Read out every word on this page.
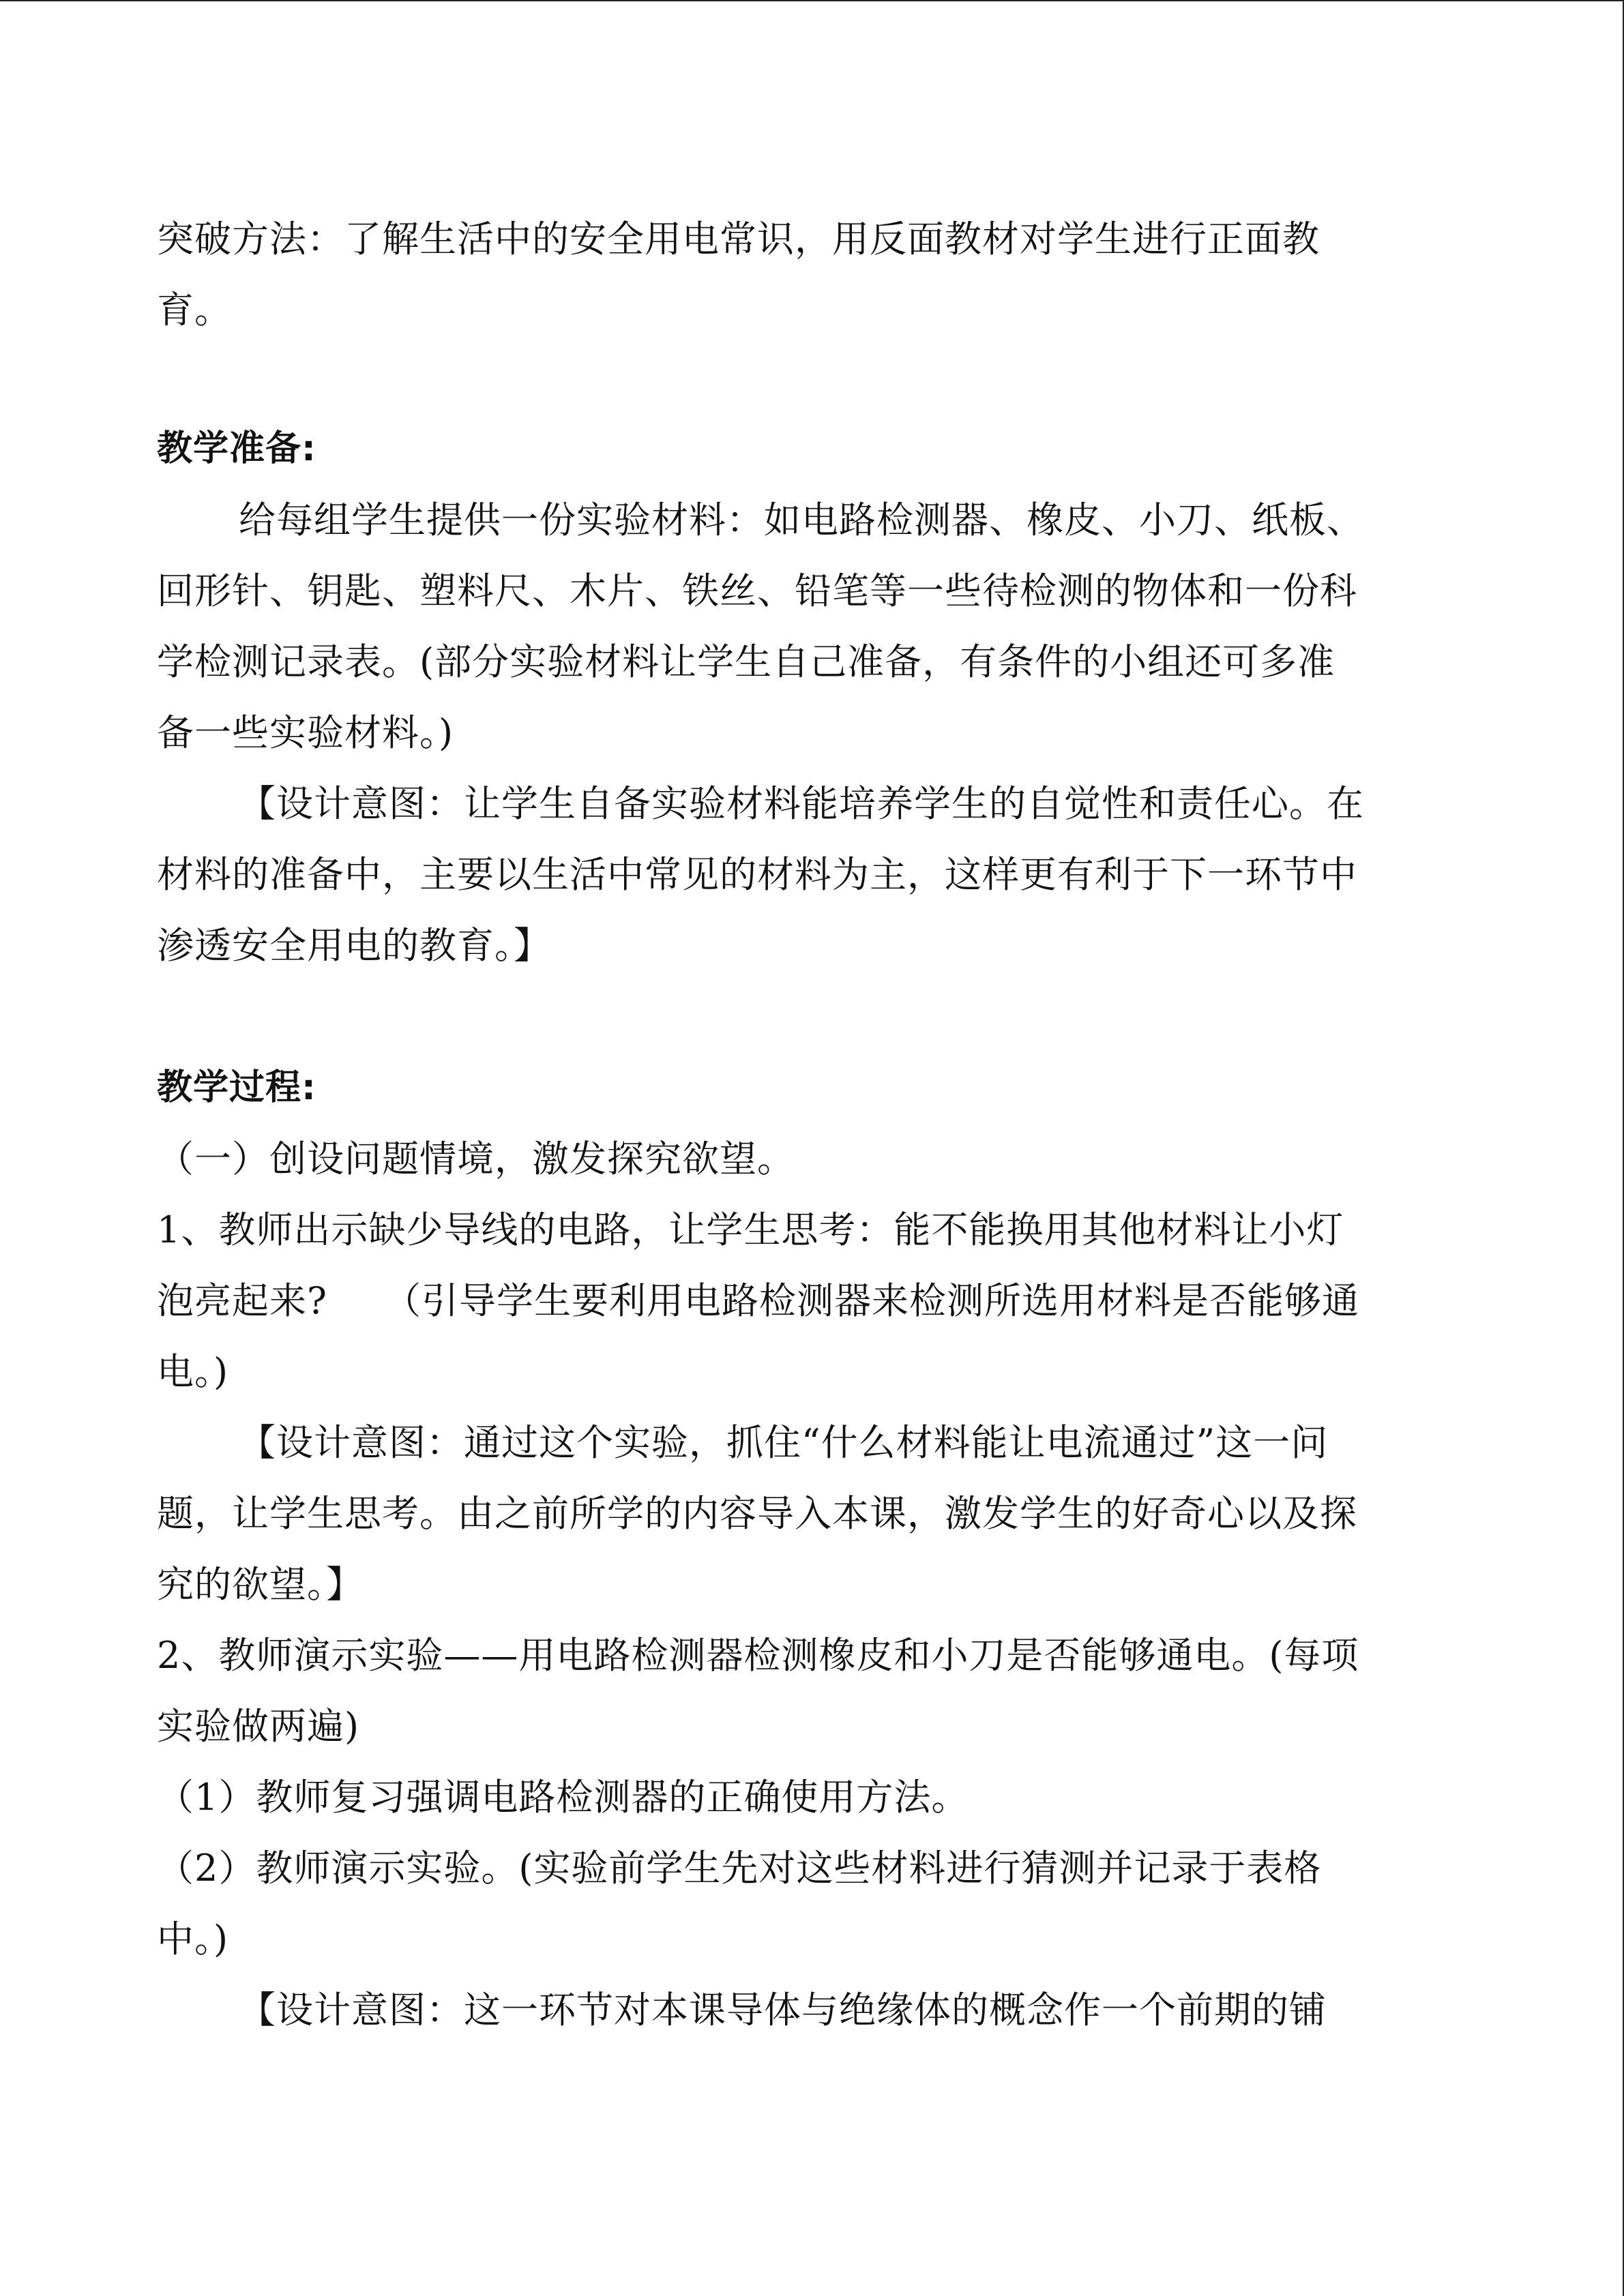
突破方法：了解生活中的安全用电常识，用反面教材对学生进行正面教
育。
教学准备:
给每组学生提供一份实验材料：如电路检测器、橡皮、小刀、纸板、
回形针、钥匙、塑料尺、木片、铁丝、铅笔等一些待检测的物体和一份科
学检测记录表。(部分实验材料让学生自己准备，有条件的小组还可多准
备一些实验材料。)
【设计意图：让学生自备实验材料能培养学生的自觉性和责任心。在
材料的准备中，主要以生活中常见的材料为主，这样更有利于下一环节中
渗透安全用电的教育。】
教学过程:
（一）创设问题情境，激发探究欲望。
1、教师出示缺少导线的电路，让学生思考：能不能换用其他材料让小灯
泡亮起来?　　（引导学生要利用电路检测器来检测所选用材料是否能够通
电。)
【设计意图：通过这个实验，抓住“什么材料能让电流通过”这一问
题，让学生思考。由之前所学的内容导入本课，激发学生的好奇心以及探
究的欲望。】
2、教师演示实验——用电路检测器检测橡皮和小刀是否能够通电。(每项
实验做两遍)
（1）教师复习强调电路检测器的正确使用方法。
（2）教师演示实验。(实验前学生先对这些材料进行猜测并记录于表格
中。)
【设计意图：这一环节对本课导体与绝缘体的概念作一个前期的铺
